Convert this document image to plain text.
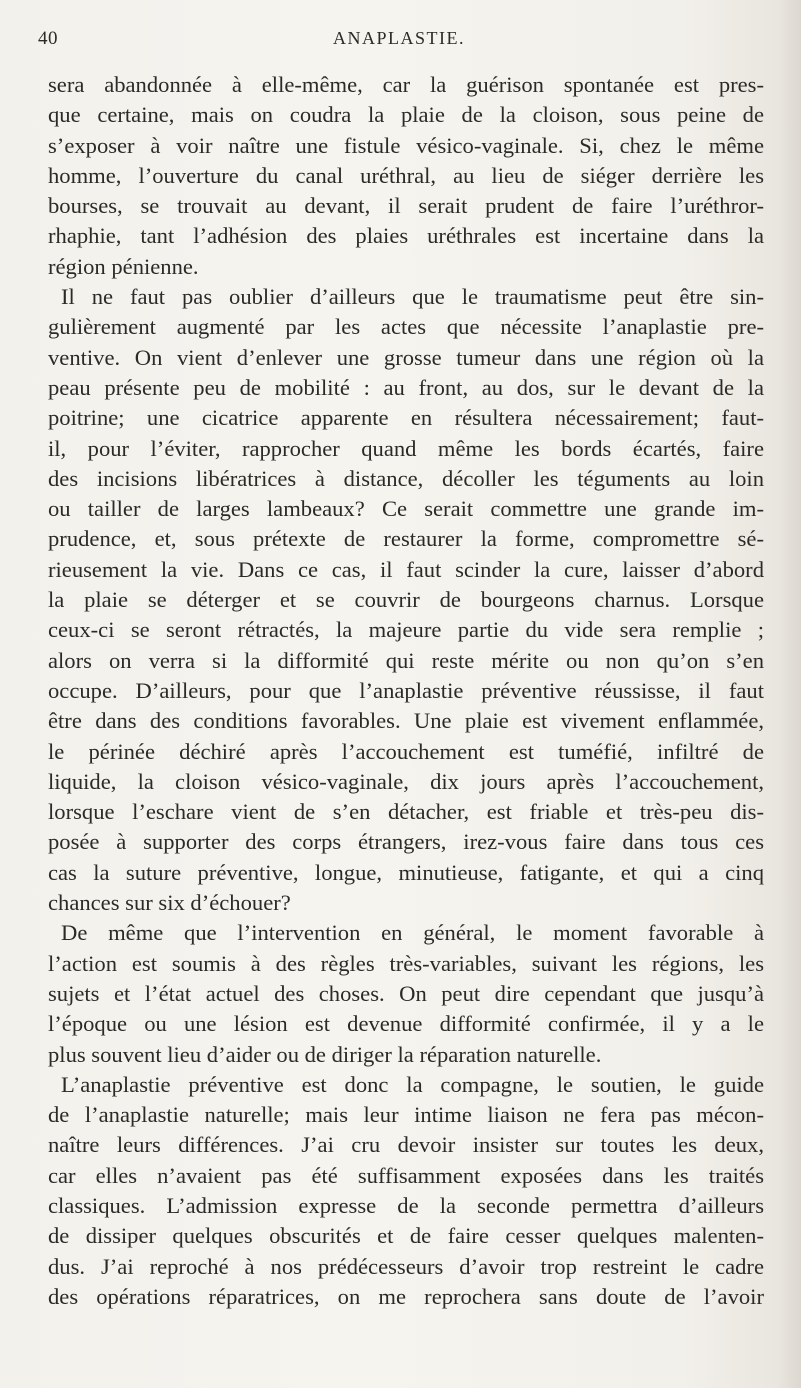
40	ANAPLASTIE.
sera abandonnée à elle-même, car la guérison spontanée est pres-
que certaine, mais on coudra la plaie de la cloison, sous peine de
s’exposer à voir naître une fistule vésico-vaginale. Si, chez le même
homme, l’ouverture du canal uréthral, au lieu de siéger derrière les
bourses, se trouvait au devant, il serait prudent de faire l’uréthror-
rhaphie, tant l’adhésion des plaies uréthrales est incertaine dans la
région pénienne.
Il ne faut pas oublier d’ailleurs que le traumatisme peut être sin-
gulièrement augmenté par les actes que nécessite l’anaplastie pre-
ventive. On vient d’enlever une grosse tumeur dans une région où la
peau présente peu de mobilité : au front, au dos, sur le devant de la
poitrine; une cicatrice apparente en résultera nécessairement; faut-
il, pour l’éviter, rapprocher quand même les bords écartés, faire
des incisions libératrices à distance, décoller les téguments au loin
ou tailler de larges lambeaux? Ce serait commettre une grande im-
prudence, et, sous prétexte de restaurer la forme, compromettre sé-
rieusement la vie. Dans ce cas, il faut scinder la cure, laisser d’abord
la plaie se déterger et se couvrir de bourgeons charnus. Lorsque
ceux-ci se seront rétractés, la majeure partie du vide sera remplie ;
alors on verra si la difformité qui reste mérite ou non qu’on s’en
occupe. D’ailleurs, pour que l’anaplastie préventive réussisse, il faut
être dans des conditions favorables. Une plaie est vivement enflammée,
le périnée déchiré après l’accouchement est tuméfié, infiltré de
liquide, la cloison vésico-vaginale, dix jours après l’accouchement,
lorsque l’eschare vient de s’en détacher, est friable et très-peu dis-
posée à supporter des corps étrangers, irez-vous faire dans tous ces
cas la suture préventive, longue, minutieuse, fatigante, et qui a cinq
chances sur six d’échouer?
De même que l’intervention en général, le moment favorable à
l’action est soumis à des règles très-variables, suivant les régions, les
sujets et l’état actuel des choses. On peut dire cependant que jusqu’à
l’époque ou une lésion est devenue difformité confirmée, il y a le
plus souvent lieu d’aider ou de diriger la réparation naturelle.
L’anaplastie préventive est donc la compagne, le soutien, le guide
de l’anaplastie naturelle; mais leur intime liaison ne fera pas mécon-
naître leurs différences. J’ai cru devoir insister sur toutes les deux,
car elles n’avaient pas été suffisamment exposées dans les traités
classiques. L’admission expresse de la seconde permettra d’ailleurs
de dissiper quelques obscurités et de faire cesser quelques malenten-
dus. J’ai reproché à nos prédécesseurs d’avoir trop restreint le cadre
des opérations réparatrices, on me reprochera sans doute de l’avoir
